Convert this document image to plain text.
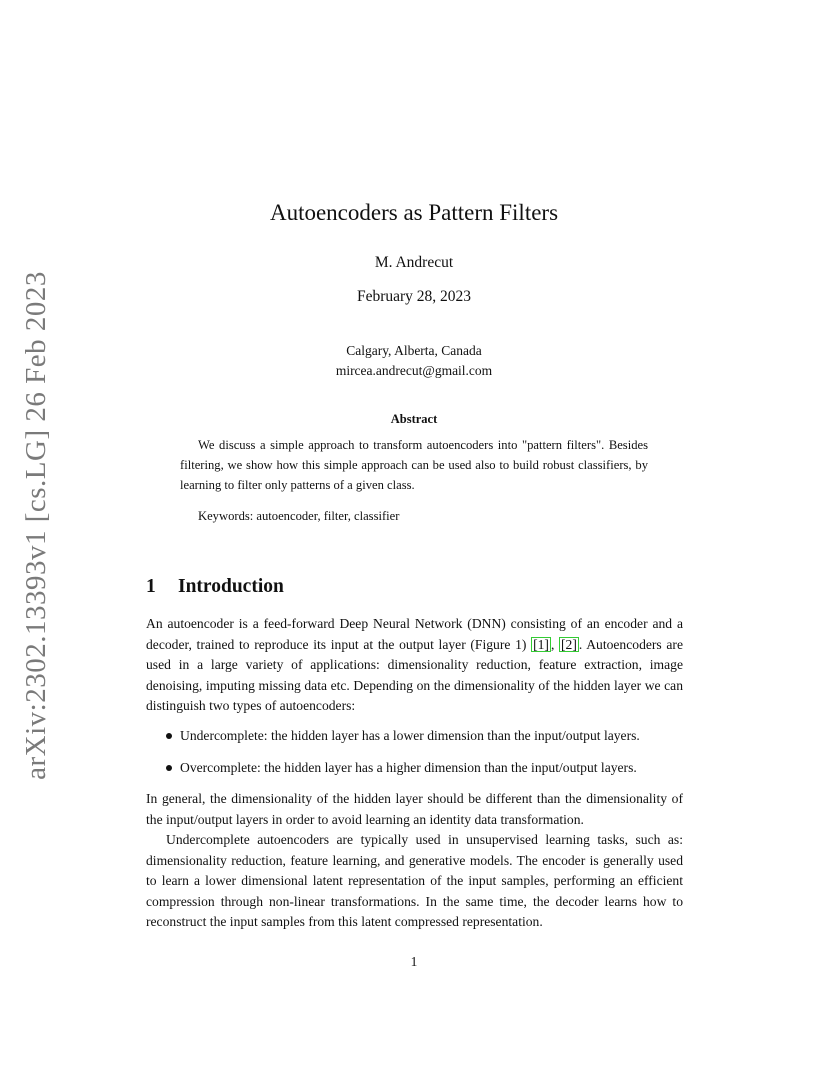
arXiv:2302.13393v1 [cs.LG] 26 Feb 2023
Autoencoders as Pattern Filters
M. Andrecut
February 28, 2023
Calgary, Alberta, Canada
mircea.andrecut@gmail.com
Abstract
We discuss a simple approach to transform autoencoders into "pattern filters". Besides filtering, we show how this simple approach can be used also to build robust classifiers, by learning to filter only patterns of a given class.
Keywords: autoencoder, filter, classifier
1 Introduction
An autoencoder is a feed-forward Deep Neural Network (DNN) consisting of an encoder and a decoder, trained to reproduce its input at the output layer (Figure 1) [1] , [2] . Autoencoders are used in a large variety of applications: dimensionality reduction, feature extraction, image denoising, imputing missing data etc. Depending on the dimensionality of the hidden layer we can distinguish two types of autoencoders:
Undercomplete: the hidden layer has a lower dimension than the input/output layers.
Overcomplete: the hidden layer has a higher dimension than the input/output layers.
In general, the dimensionality of the hidden layer should be different than the dimensionality of the input/output layers in order to avoid learning an identity data transformation.
Undercomplete autoencoders are typically used in unsupervised learning tasks, such as: dimensionality reduction, feature learning, and generative models. The encoder is generally used to learn a lower dimensional latent representation of the input samples, performing an efficient compression through non-linear transformations. In the same time, the decoder learns how to reconstruct the input samples from this latent compressed representation.
1
